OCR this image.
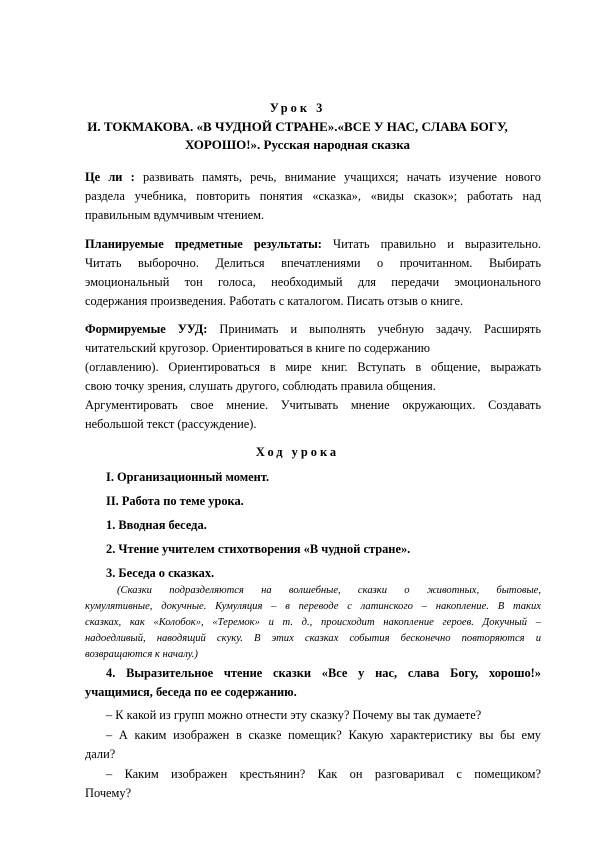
Урок 3
И. ТОКМАКОВА. «В ЧУДНОЙ СТРАНЕ».«ВСЕ У НАС, СЛАВА БОГУ,
ХОРОШО!». Русская народная сказка
Це ли : развивать память, речь, внимание учащихся; начать изучение нового
раздела учебника, повторить понятия «сказка», «виды сказок»; работать над
правильным вдумчивым чтением.
Планируемые предметные результаты: Читать правильно и выразительно.
Читать выборочно. Делиться впечатлениями о прочитанном. Выбирать
эмоциональный тон голоса, необходимый для передачи эмоционального
содержания произведения. Работать с каталогом. Писать отзыв о книге.
Формируемые УУД: Принимать и выполнять учебную задачу. Расширять
читательский кругозор. Ориентироваться в книге по содержанию
(оглавлению). Ориентироваться в мире книг. Вступать в общение, выражать
свою точку зрения, слушать другого, соблюдать правила общения.
Аргументировать свое мнение. Учитывать мнение окружающих. Создавать
небольшой текст (рассуждение).
Ход урока
I. Организационный момент.
II. Работа по теме урока.
1. Вводная беседа.
2. Чтение учителем стихотворения «В чудной стране».
3. Беседа о сказках.
(Сказки подразделяются на волшебные, сказки о животных, бытовые,
кумулятивные, докучные. Кумуляция – в переводе с латинского – накопление. В таких
сказках, как «Колобок», «Теремок» и т. д., происходит накопление героев. Докучный –
надоедливый, наводящий скуку. В этих сказках события бесконечно повторяются и
возвращаются к началу.)
4. Выразительное чтение сказки «Все у нас, слава Богу, хорошо!»
учащимися, беседа по ее содержанию.
– К какой из групп можно отнести эту сказку? Почему вы так думаете?
– А каким изображен в сказке помещик? Какую характеристику вы бы ему
дали?
– Каким изображен крестьянин? Как он разговаривал с помещиком?
Почему?
